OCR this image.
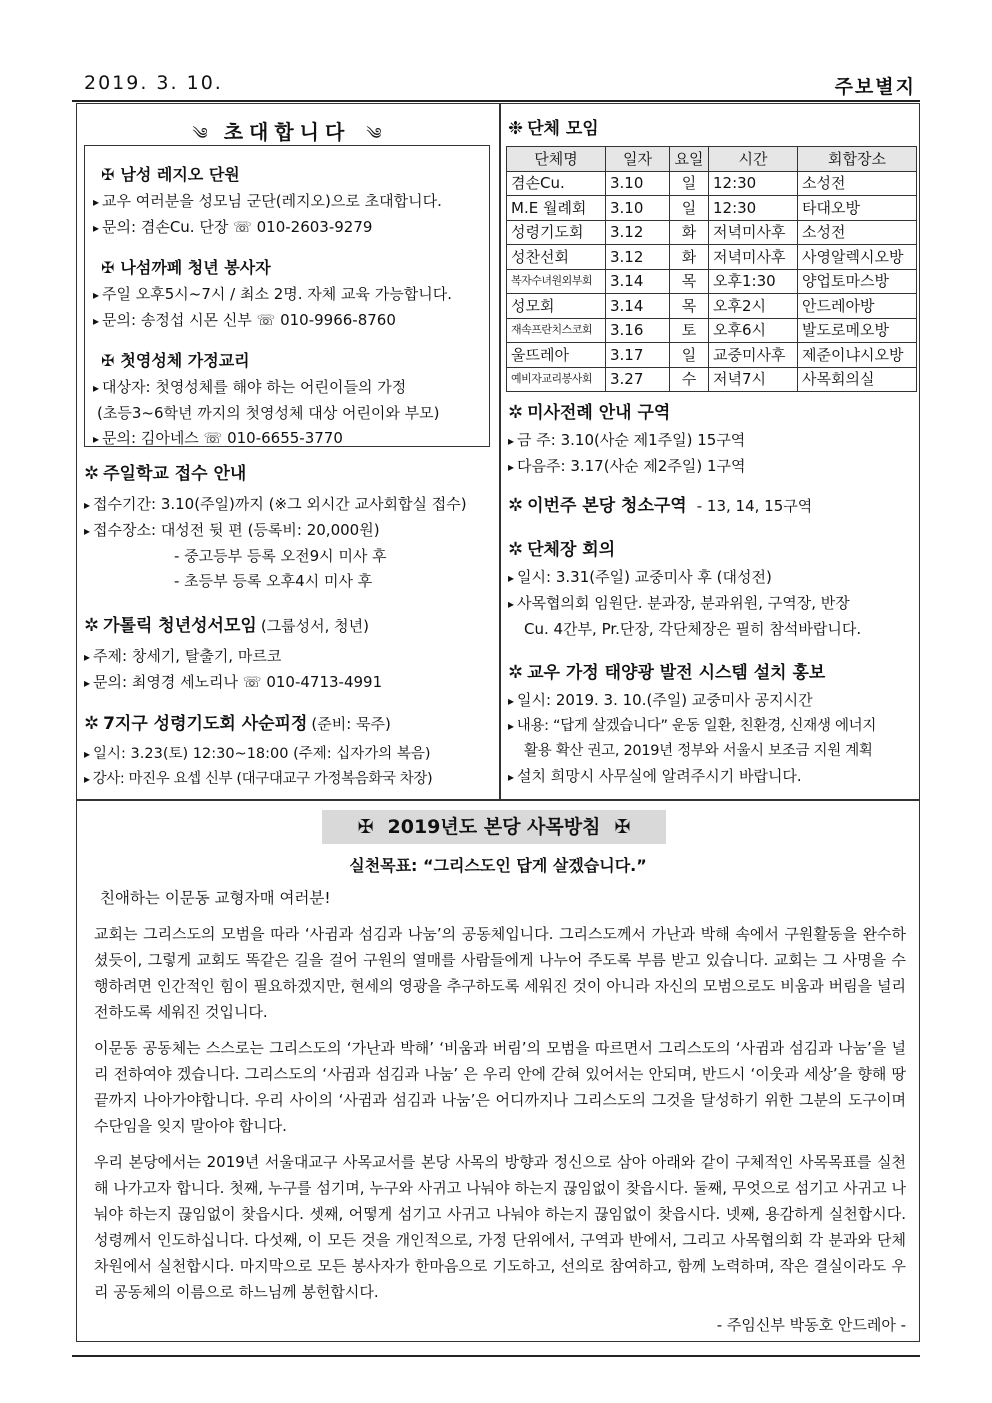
2019. 3. 10.	주보별지
༄ 초대합니다 ༄
✠ 남성 레지오 단원
▸ 교우 여러분을 성모님 군단(레지오)으로 초대합니다.
▸ 문의: 겸손Cu. 단장 ☏ 010-2603-9279
✠ 나섬까페 청년 봉사자
▸ 주일 오후5시~7시 / 최소 2명. 자체 교육 가능합니다.
▸ 문의: 송정섭 시몬 신부 ☏ 010-9966-8760
✠ 첫영성체 가정교리
▸ 대상자: 첫영성체를 해야 하는 어린이들의 가정
(초등3~6학년 까지의 첫영성체 대상 어린이와 부모)
▸ 문의: 김아네스 ☏ 010-6655-3770
✲ 주일학교 접수 안내
▸ 접수기간: 3.10(주일)까지 (※그 외시간 교사회합실 접수)
▸ 접수장소: 대성전 뒷 편 (등록비: 20,000원)
- 중고등부 등록 오전9시 미사 후
- 초등부 등록 오후4시 미사 후
✲ 가톨릭 청년성서모임 (그룹성서, 청년)
▸ 주제: 창세기, 탈출기, 마르코
▸ 문의: 최영경 세노리나 ☏ 010-4713-4991
✲ 7지구 성령기도회 사순피정 (준비: 묵주)
▸ 일시: 3.23(토) 12:30~18:00 (주제: 십자가의 복음)
▸ 강사: 마진우 요셉 신부 (대구대교구 가정복음화국 차장)
❉ 단체 모임
단체명	일자	요일	시간	회합장소
겸손Cu.	3.10	일	12:30	소성전
M.E 월례회	3.10	일	12:30	타대오방
성령기도회	3.12	화	저녁미사후	소성전
성찬선회	3.12	화	저녁미사후	사영알렉시오방
복자수녀원외부회	3.14	목	오후1:30	양업토마스방
성모회	3.14	목	오후2시	안드레아방
재속프란치스코회	3.16	토	오후6시	발도로메오방
울뜨레아	3.17	일	교중미사후	제준이냐시오방
예비자교리봉사회	3.27	수	저녁7시	사목회의실
✲ 미사전례 안내 구역
▸ 금 주: 3.10(사순 제1주일) 15구역
▸ 다음주: 3.17(사순 제2주일) 1구역
✲ 이번주 본당 청소구역 - 13, 14, 15구역
✲ 단체장 회의
▸ 일시: 3.31(주일) 교중미사 후 (대성전)
▸ 사목협의회 임원단. 분과장, 분과위원, 구역장, 반장
Cu. 4간부, Pr.단장, 각단체장은 필히 참석바랍니다.
✲ 교우 가정 태양광 발전 시스템 설치 홍보
▸ 일시: 2019. 3. 10.(주일) 교중미사 공지시간
▸ 내용: “답게 살겠습니다” 운동 일환, 친환경, 신재생 에너지
활용 확산 권고, 2019년 정부와 서울시 보조금 지원 계획
▸ 설치 희망시 사무실에 알려주시기 바랍니다.
✠ 2019년도 본당 사목방침 ✠
실천목표: “그리스도인 답게 살겠습니다.”
친애하는 이문동 교형자매 여러분!
교회는 그리스도의 모범을 따라 ‘사귐과 섬김과 나눔’의 공동체입니다. 그리스도께서 가난과 박해 속에서 구원활동을 완수하셨듯이, 그렇게 교회도 똑같은 길을 걸어 구원의 열매를 사람들에게 나누어 주도록 부름 받고 있습니다. 교회는 그 사명을 수행하려면 인간적인 힘이 필요하겠지만, 현세의 영광을 추구하도록 세워진 것이 아니라 자신의 모범으로도 비움과 버림을 널리 전하도록 세워진 것입니다.
이문동 공동체는 스스로는 그리스도의 ‘가난과 박해’ ‘비움과 버림’의 모범을 따르면서 그리스도의 ‘사귐과 섬김과 나눔’을 널리 전하여야 겠습니다. 그리스도의 ‘사귐과 섬김과 나눔’ 은 우리 안에 갇혀 있어서는 안되며, 반드시 ‘이웃과 세상’을 향해 땅끝까지 나아가야합니다. 우리 사이의 ‘사귐과 섬김과 나눔’은 어디까지나 그리스도의 그것을 달성하기 위한 그분의 도구이며 수단임을 잊지 말아야 합니다.
우리 본당에서는 2019년 서울대교구 사목교서를 본당 사목의 방향과 정신으로 삼아 아래와 같이 구체적인 사목목표를 실천해 나가고자 합니다. 첫째, 누구를 섬기며, 누구와 사귀고 나눠야 하는지 끊임없이 찾읍시다. 둘째, 무엇으로 섬기고 사귀고 나눠야 하는지 끊임없이 찾읍시다. 셋째, 어떻게 섬기고 사귀고 나눠야 하는지 끊임없이 찾읍시다. 넷째, 용감하게 실천합시다. 성령께서 인도하십니다. 다섯째, 이 모든 것을 개인적으로, 가정 단위에서, 구역과 반에서, 그리고 사목협의회 각 분과와 단체 차원에서 실천합시다. 마지막으로 모든 봉사자가 한마음으로 기도하고, 선의로 참여하고, 함께 노력하며, 작은 결실이라도 우리 공동체의 이름으로 하느님께 봉헌합시다.
- 주임신부 박동호 안드레아 -
